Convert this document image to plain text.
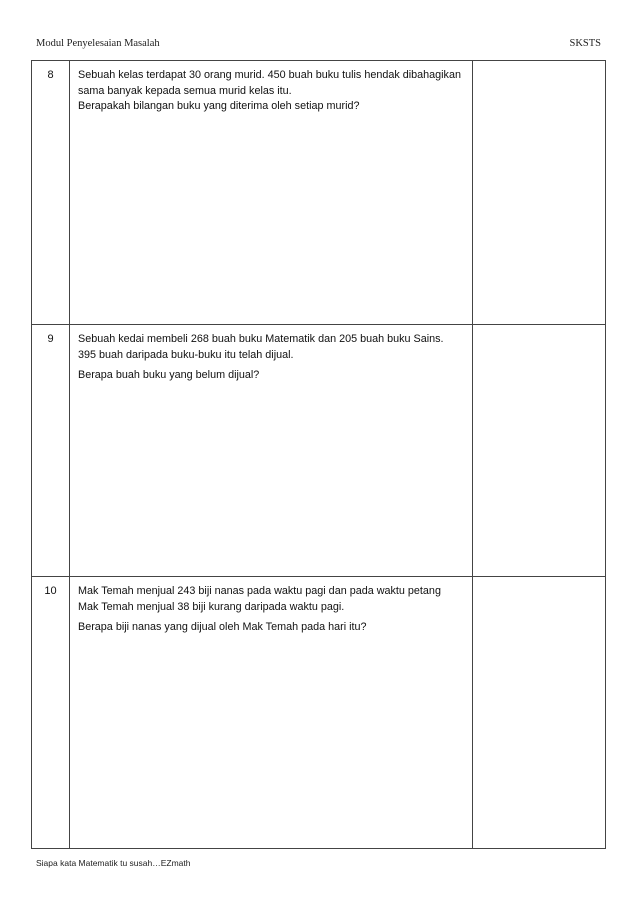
Modul Penyelesaian Masalah	SKSTS
8	Sebuah kelas terdapat 30 orang murid. 450 buah buku tulis hendak dibahagikan sama banyak kepada semua murid kelas itu.
Berapakah bilangan buku yang diterima oleh setiap murid?	

9	Sebuah kedai membeli 268 buah buku Matematik dan 205 buah buku Sains. 395 buah daripada buku-buku itu telah dijual.
Berapa buah buku yang belum dijual?	

10	Mak Temah menjual 243 biji nanas pada waktu pagi dan pada waktu petang Mak Temah menjual 38 biji kurang daripada waktu pagi.
Berapa biji nanas yang dijual oleh Mak Temah pada hari itu?	

Siapa kata Matematik tu susah…EZmath
